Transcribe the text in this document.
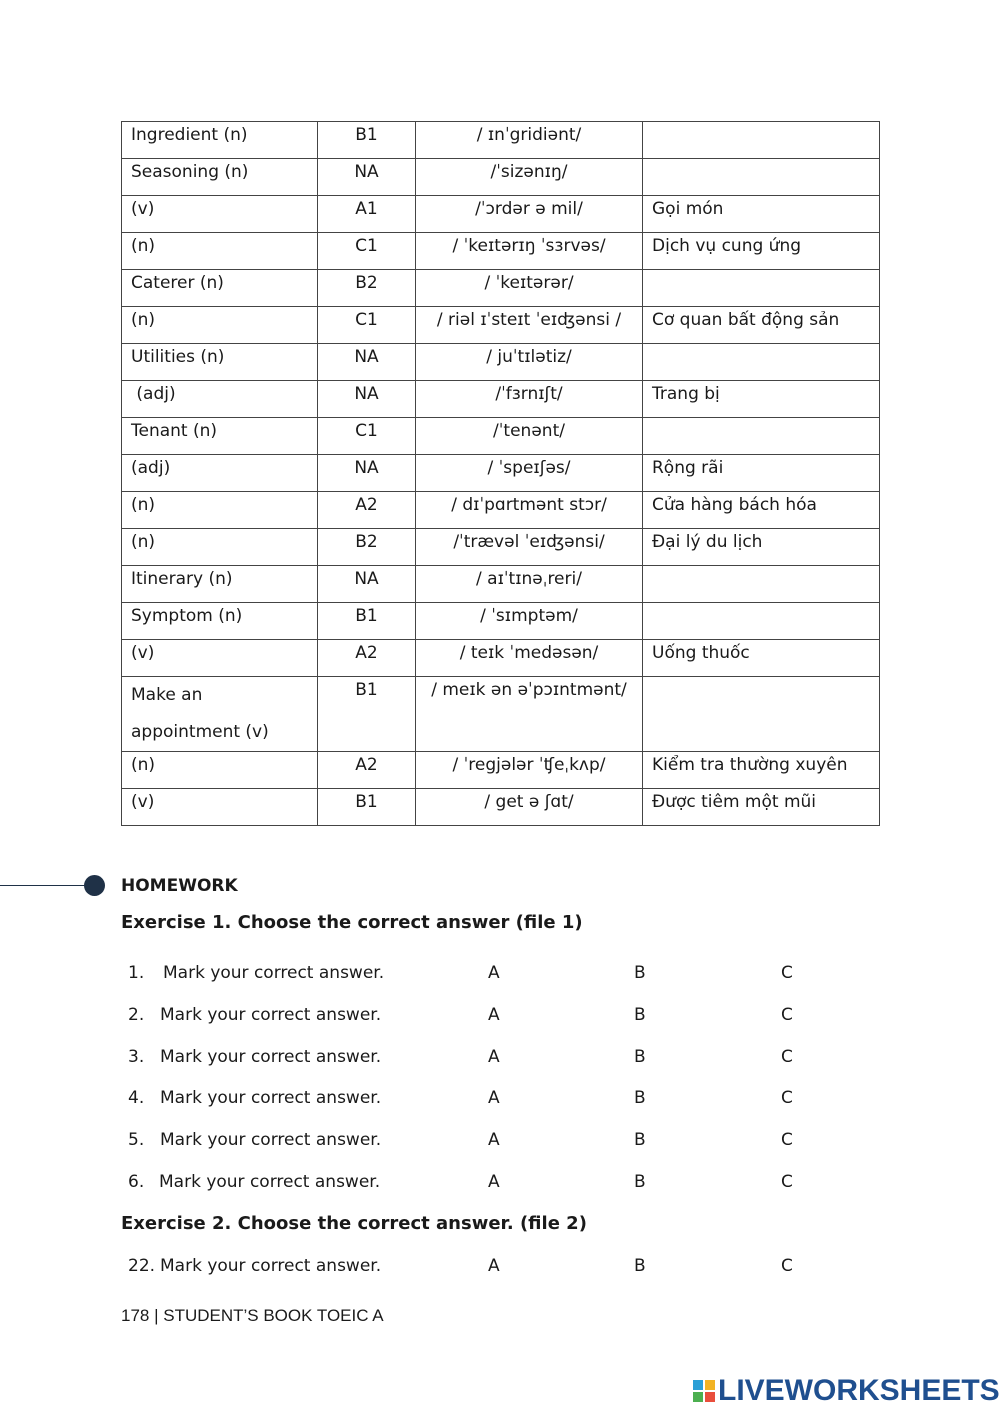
Ingredient (n)	B1	/ ɪnˈgridiənt/	
Seasoning (n)	NA	/ˈsizənɪŋ/	
(v)	A1	/ˈɔrdər ə mil/	Gọi món
(n)	C1	/ ˈkeɪtərɪŋ ˈsɜrvəs/	Dịch vụ cung ứng
Caterer (n)	B2	/ ˈkeɪtərər/	
(n)	C1	/ riəl ɪˈsteɪt ˈeɪʤənsi /	Cơ quan bất động sản
Utilities (n)	NA	/ juˈtɪlətiz/	
(adj)	NA	/ˈfɜrnɪʃt/	Trang bị
Tenant (n)	C1	/ˈtenənt/	
(adj)	NA	/ ˈspeɪʃəs/	Rộng rãi
(n)	A2	/ dɪˈpɑrtmənt stɔr/	Cửa hàng bách hóa
(n)	B2	/ˈtrævəl ˈeɪʤənsi/	Đại lý du lịch
Itinerary (n)	NA	/ aɪˈtɪnəˌreri/	
Symptom (n)	B1	/ ˈsɪmptəm/	
(v)	A2	/ teɪk ˈmedəsən/	Uống thuốc
Make an appointment (v)	B1	/ meɪk ən əˈpɔɪntmənt/	
(n)	A2	/ ˈregjələr ˈʧeˌkʌp/	Kiểm tra thường xuyên
(v)	B1	/ get ə ʃɑt/	Được tiêm một mũi
HOMEWORK
Exercise 1. Choose the correct answer (file 1)
1. Mark your correct answer.	A	B	C
2. Mark your correct answer.	A	B	C
3. Mark your correct answer.	A	B	C
4. Mark your correct answer.	A	B	C
5. Mark your correct answer.	A	B	C
6. Mark your correct answer.	A	B	C
Exercise 2. Choose the correct answer. (file 2)
22. Mark your correct answer.	A	B	C
178 | STUDENT’S BOOK TOEIC A
LIVEWORKSHEETS
